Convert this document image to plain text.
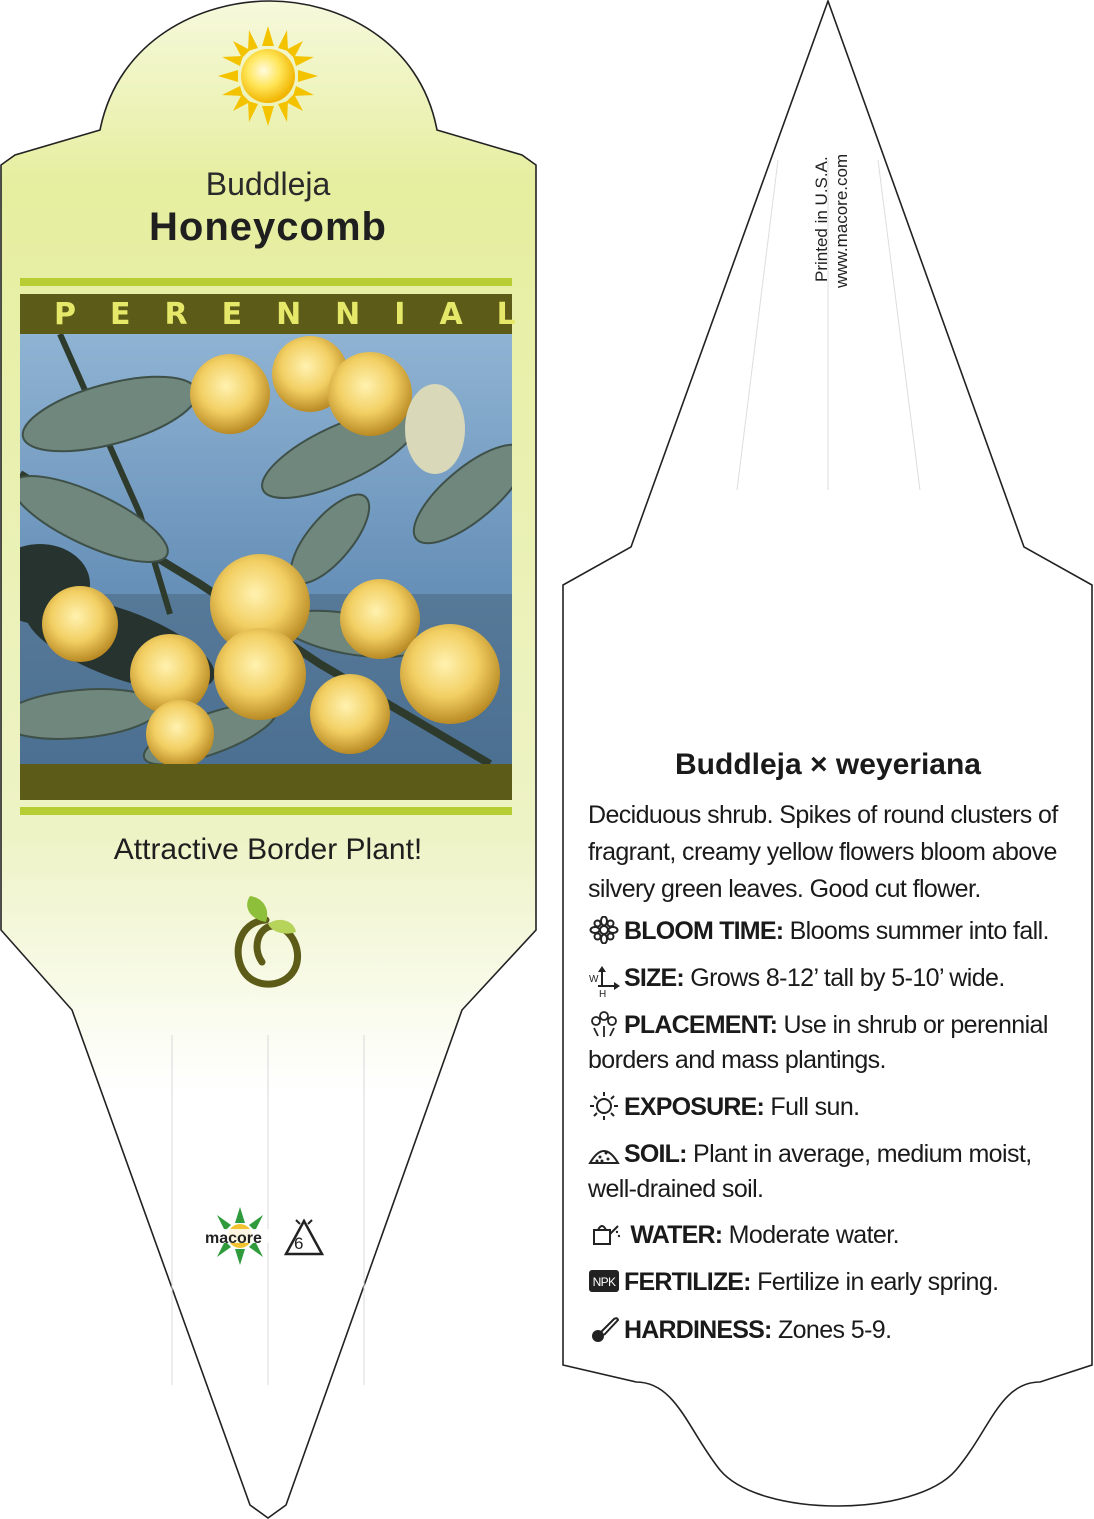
Buddleja
Honeycomb
PERENNIAL
Attractive Border Plant!
macore 6
Printed in U.S.A. www.macore.com
Buddleja × weyeriana
Deciduous shrub. Spikes of round clusters of fragrant, creamy yellow flowers bloom above silvery green leaves. Good cut flower.
BLOOM TIME: Blooms summer into fall.
W
H
SIZE: Grows 8-12’ tall by 5-10’ wide.
PLACEMENT: Use in shrub or perennial borders and mass plantings.
EXPOSURE: Full sun.
SOIL: Plant in average, medium moist, well-drained soil.
WATER: Moderate water.
NPK FERTILIZE: Fertilize in early spring.
HARDINESS: Zones 5-9.
